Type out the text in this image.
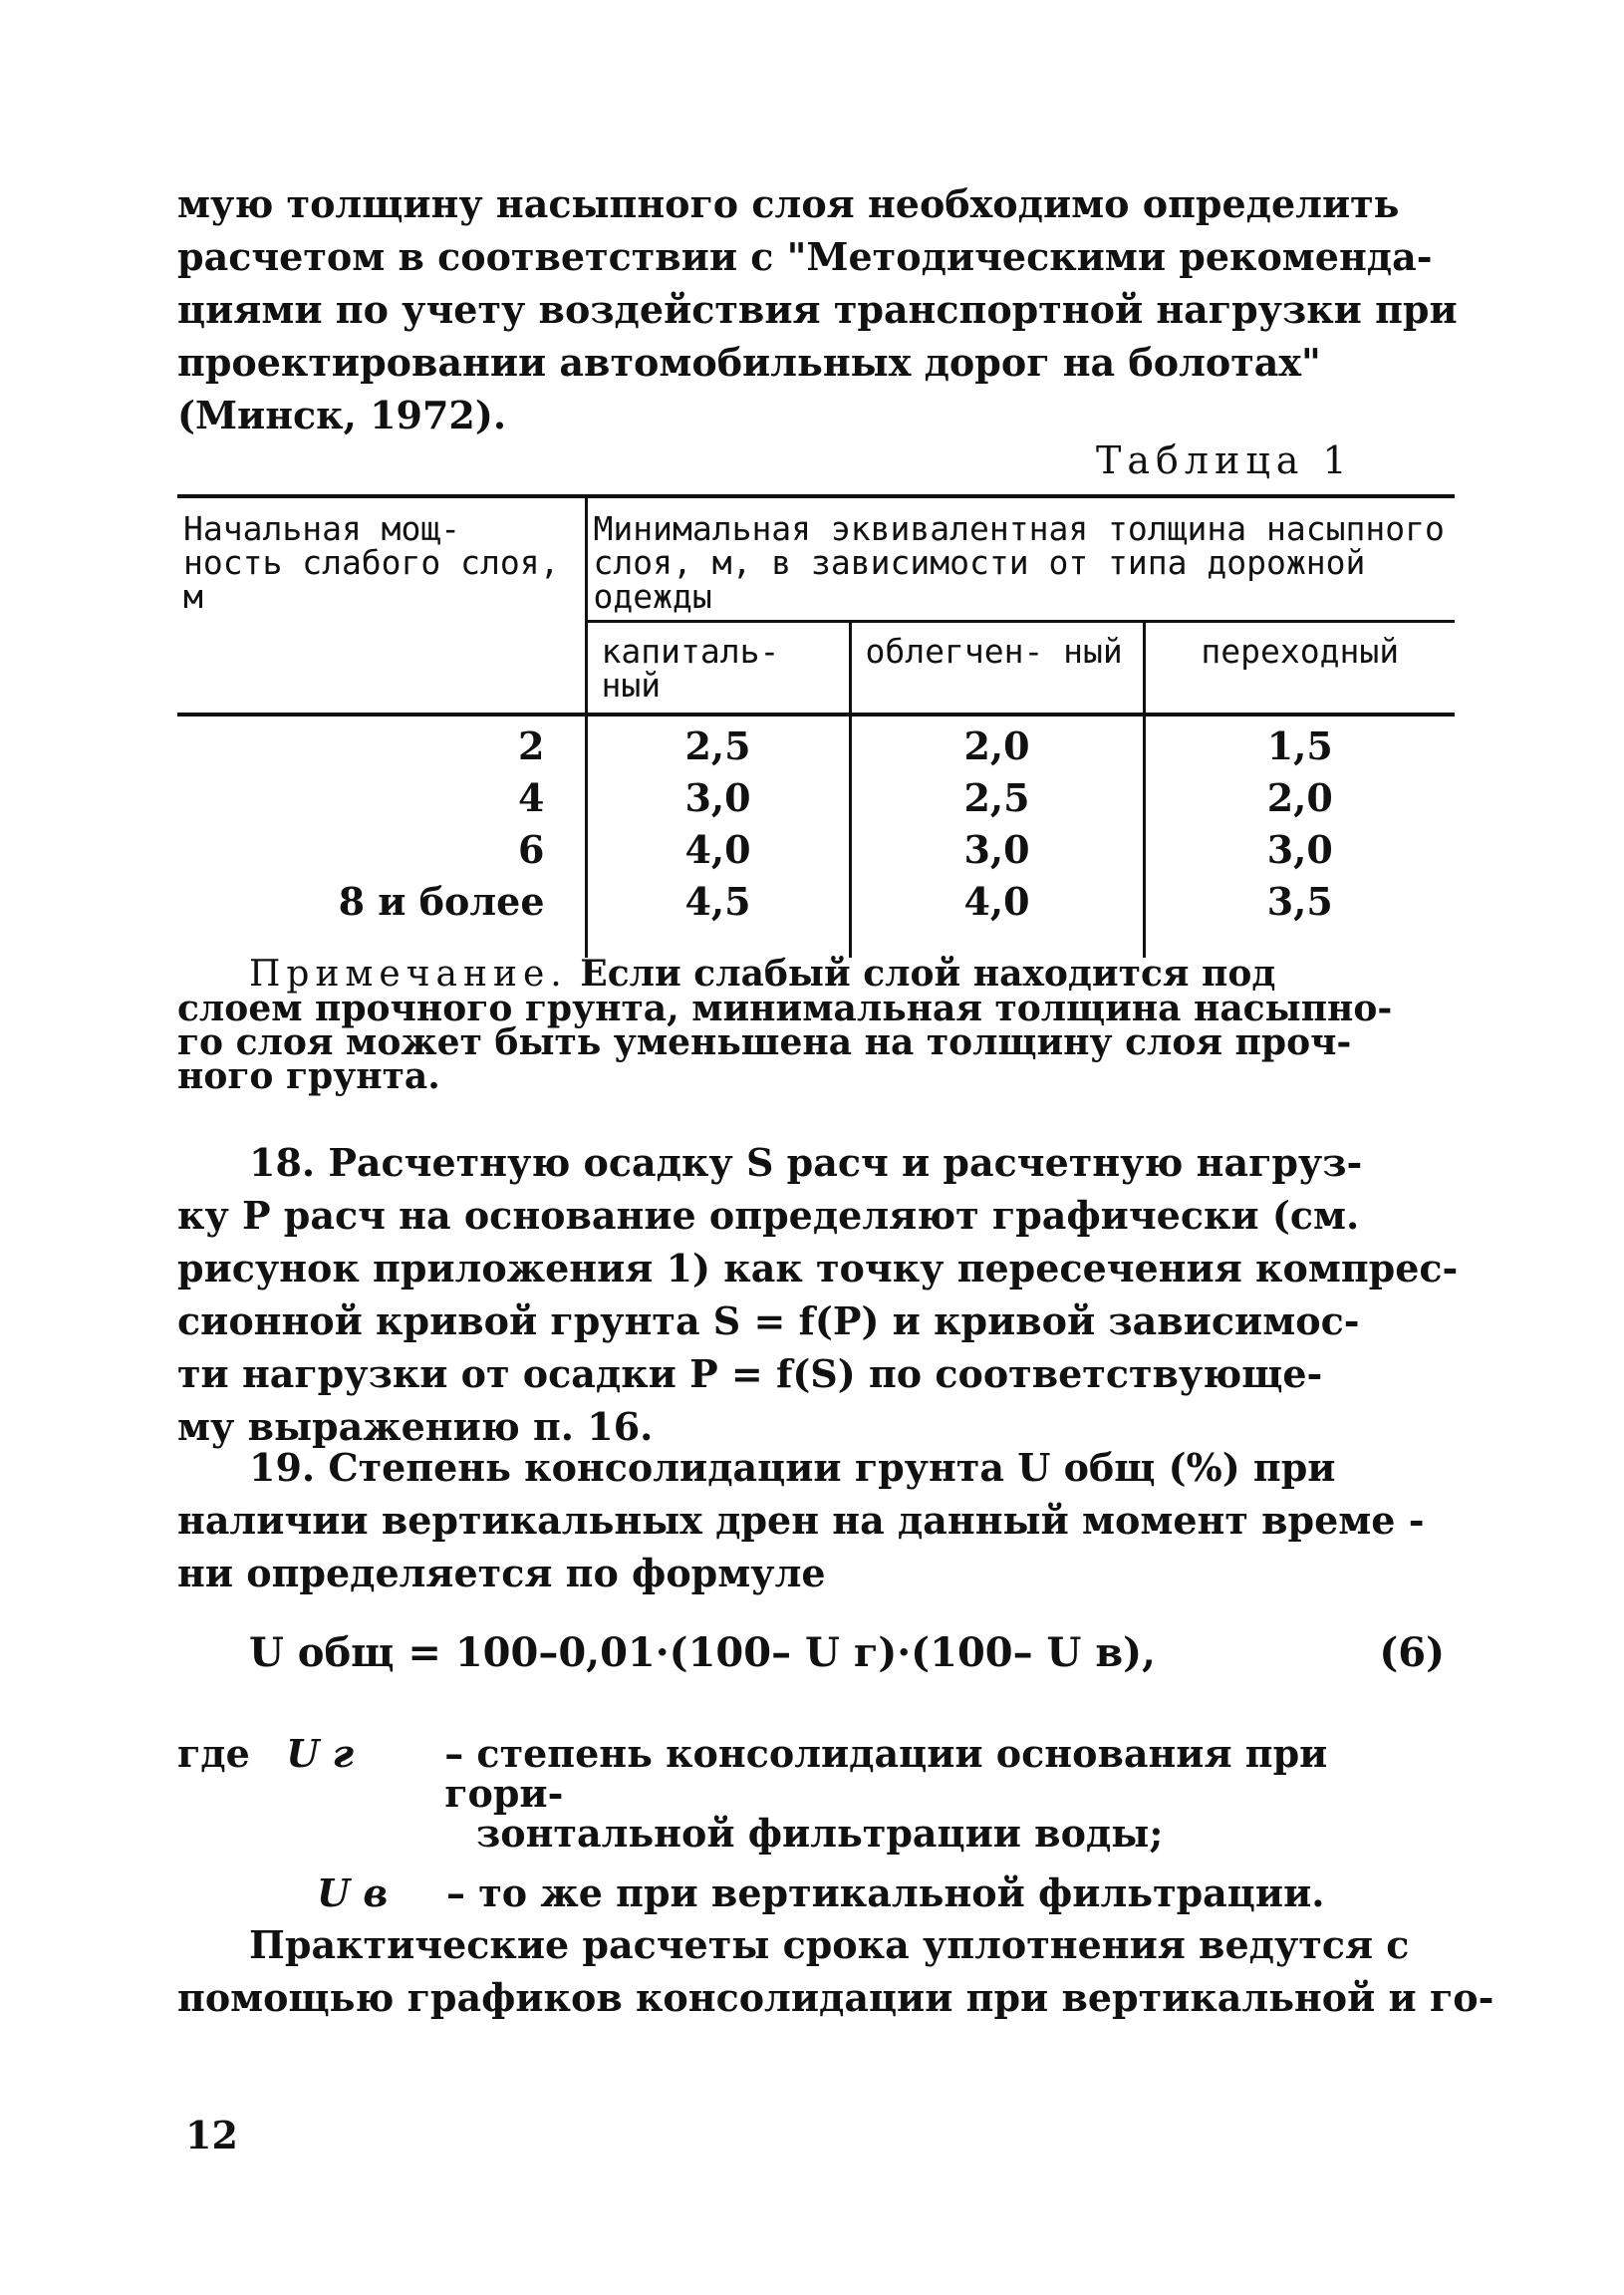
мую толщину насыпного слоя необходимо определить
расчетом в соответствии с "Методическими рекоменда-
циями по учету воздействия транспортной нагрузки при
проектировании автомобильных дорог на болотах"
(Минск, 1972).
Таблица 1
Начальная мощ- ность слабого слоя, м	Минимальная эквивалентная толщина насыпного слоя, м, в зависимости от типа дорожной одежды		
	капиталь- ный	облегчен- ный	переходный
2	2,5	2,0	1,5
4	3,0	2,5	2,0
6	4,0	3,0	3,0
8 и более	4,5	4,0	3,5
Примечание. Если слабый слой находится под
слоем прочного грунта, минимальная толщина насыпно-
го слоя может быть уменьшена на толщину слоя проч-
ного грунта.
18. Расчетную осадку S расч и расчетную нагруз-
ку P расч на основание определяют графически (см.
рисунок приложения 1) как точку пересечения компрес-
сионной кривой грунта S = f(P) и кривой зависимос-
ти нагрузки от осадки P = f(S) по соответствующе-
му выражению п. 16.
19. Степень консолидации грунта U общ (%) при
наличии вертикальных дрен на данный момент време -
ни определяется по формуле
U общ = 100–0,01·(100– U г)·(100– U в),	(6)
где U г	– степень консолидации основания при гори-
зонтальной фильтрации воды;
U в	– то же при вертикальной фильтрации.
Практические расчеты срока уплотнения ведутся с
помощью графиков консолидации при вертикальной и го-
12
